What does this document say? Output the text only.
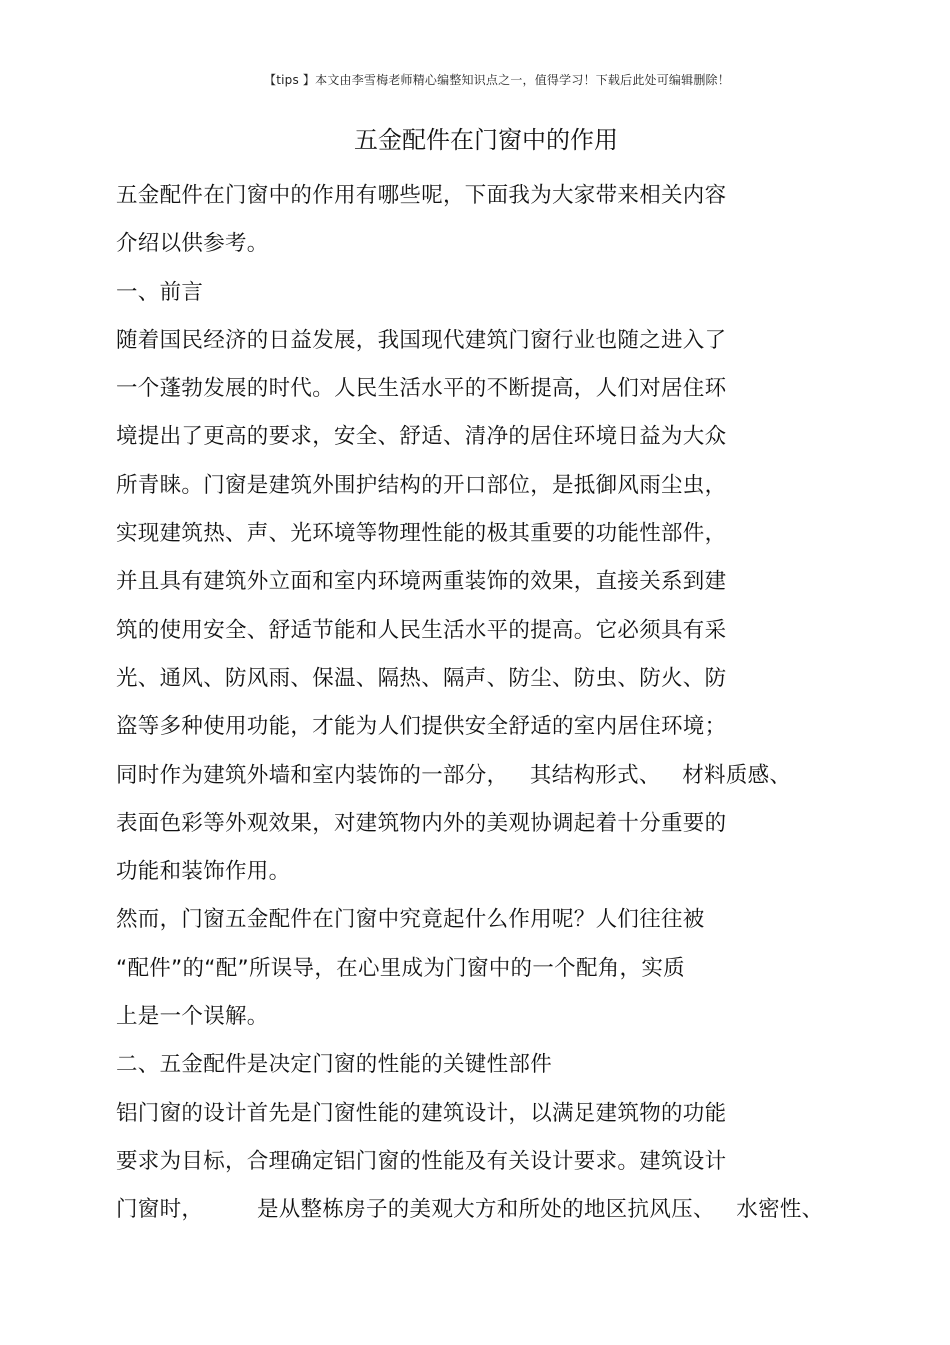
【tips 】本文由李雪梅老师精心编整知识点之一，值得学习！下载后此处可编辑删除！
五金配件在门窗中的作用
五金配件在门窗中的作用有哪些呢，下面我为大家带来相关内容
介绍以供参考。
一、前言
随着国民经济的日益发展，我国现代建筑门窗行业也随之进入了
一个蓬勃发展的时代。人民生活水平的不断提高，人们对居住环
境提出了更高的要求，安全、舒适、清净的居住环境日益为大众
所青睐。门窗是建筑外围护结构的开口部位，是抵御风雨尘虫，
实现建筑热、声、光环境等物理性能的极其重要的功能性部件，
并且具有建筑外立面和室内环境两重装饰的效果，直接关系到建
筑的使用安全、舒适节能和人民生活水平的提高。它必须具有采
光、通风、防风雨、保温、隔热、隔声、防尘、防虫、防火、防
盗等多种使用功能，才能为人们提供安全舒适的室内居住环境；
同时作为建筑外墙和室内装饰的一部分， 其结构形式、 材料质感、
表面色彩等外观效果，对建筑物内外的美观协调起着十分重要的
功能和装饰作用。
然而，门窗五金配件在门窗中究竟起什么作用呢？人们往往被
“配件”的“配”所误导，在心里成为门窗中的一个配角，实质
上是一个误解。
二、五金配件是决定门窗的性能的关键性部件
铝门窗的设计首先是门窗性能的建筑设计，以满足建筑物的功能
要求为目标，合理确定铝门窗的性能及有关设计要求。建筑设计
门窗时，	是从整栋房子的美观大方和所处的地区抗风压、 水密性、
